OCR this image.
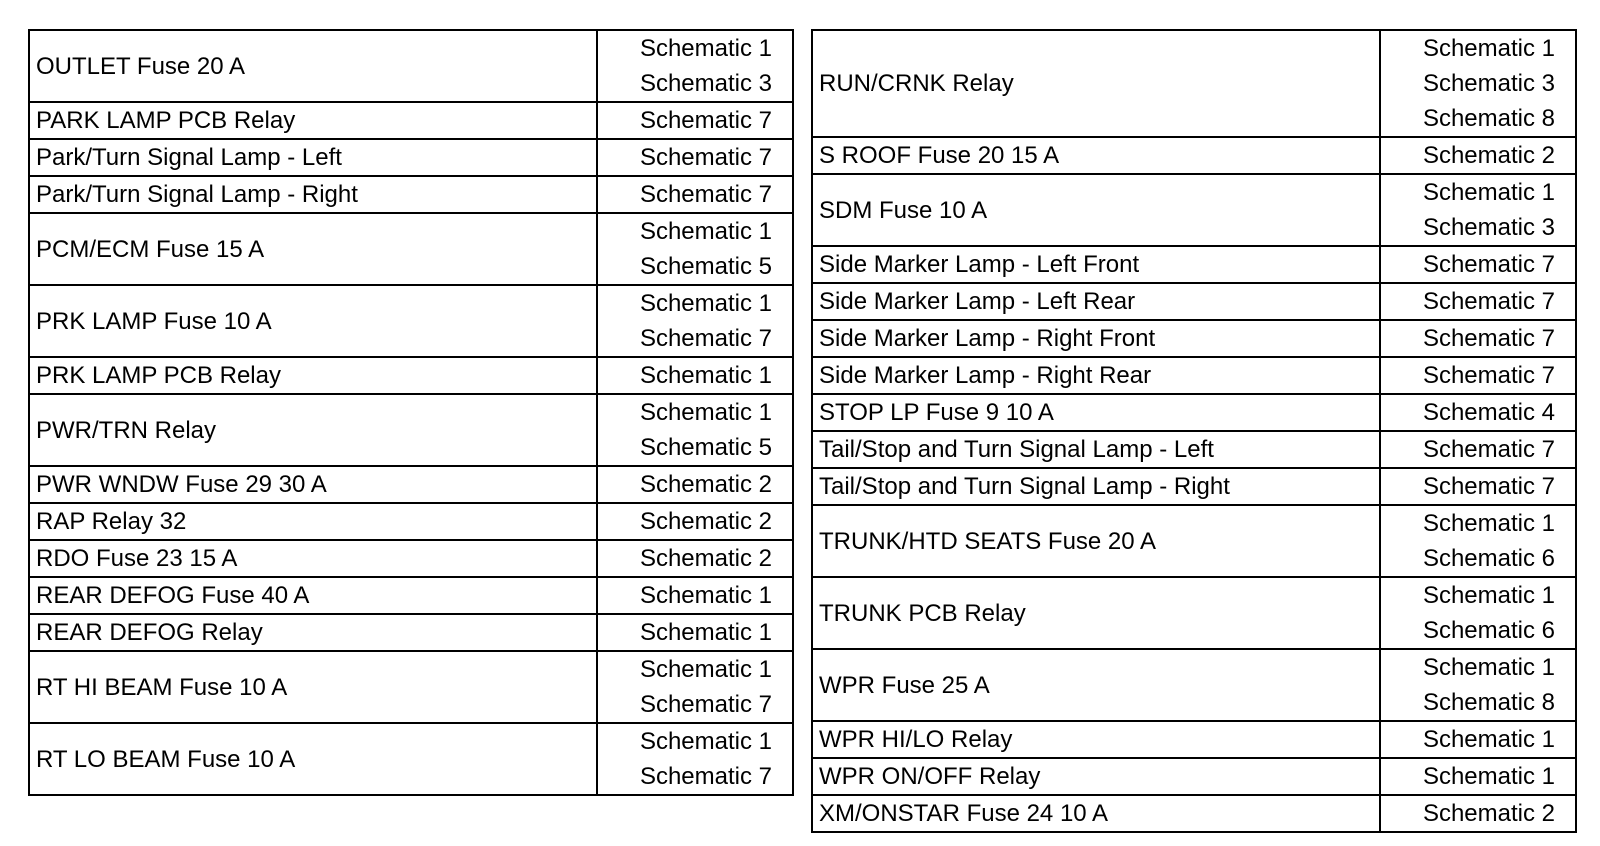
OUTLET Fuse 20 A	Schematic 1
Schematic 3

PARK LAMP PCB Relay	Schematic 7

Park/Turn Signal Lamp - Left	Schematic 7

Park/Turn Signal Lamp - Right	Schematic 7

PCM/ECM Fuse 15 A	Schematic 1
Schematic 5

PRK LAMP Fuse 10 A	Schematic 1
Schematic 7

PRK LAMP PCB Relay	Schematic 1

PWR/TRN Relay	Schematic 1
Schematic 5

PWR WNDW Fuse 29 30 A	Schematic 2

RAP Relay 32	Schematic 2

RDO Fuse 23 15 A	Schematic 2

REAR DEFOG Fuse 40 A	Schematic 1

REAR DEFOG Relay	Schematic 1

RT HI BEAM Fuse 10 A	Schematic 1
Schematic 7

RT LO BEAM Fuse 10 A	Schematic 1
Schematic 7
RUN/CRNK Relay	Schematic 1
Schematic 3
Schematic 8

S ROOF Fuse 20 15 A	Schematic 2

SDM Fuse 10 A	Schematic 1
Schematic 3

Side Marker Lamp - Left Front	Schematic 7

Side Marker Lamp - Left Rear	Schematic 7

Side Marker Lamp - Right Front	Schematic 7

Side Marker Lamp - Right Rear	Schematic 7

STOP LP Fuse 9 10 A	Schematic 4

Tail/Stop and Turn Signal Lamp - Left	Schematic 7

Tail/Stop and Turn Signal Lamp - Right	Schematic 7

TRUNK/HTD SEATS Fuse 20 A	Schematic 1
Schematic 6

TRUNK PCB Relay	Schematic 1
Schematic 6

WPR Fuse 25 A	Schematic 1
Schematic 8

WPR HI/LO Relay	Schematic 1

WPR ON/OFF Relay	Schematic 1

XM/ONSTAR Fuse 24 10 A	Schematic 2
